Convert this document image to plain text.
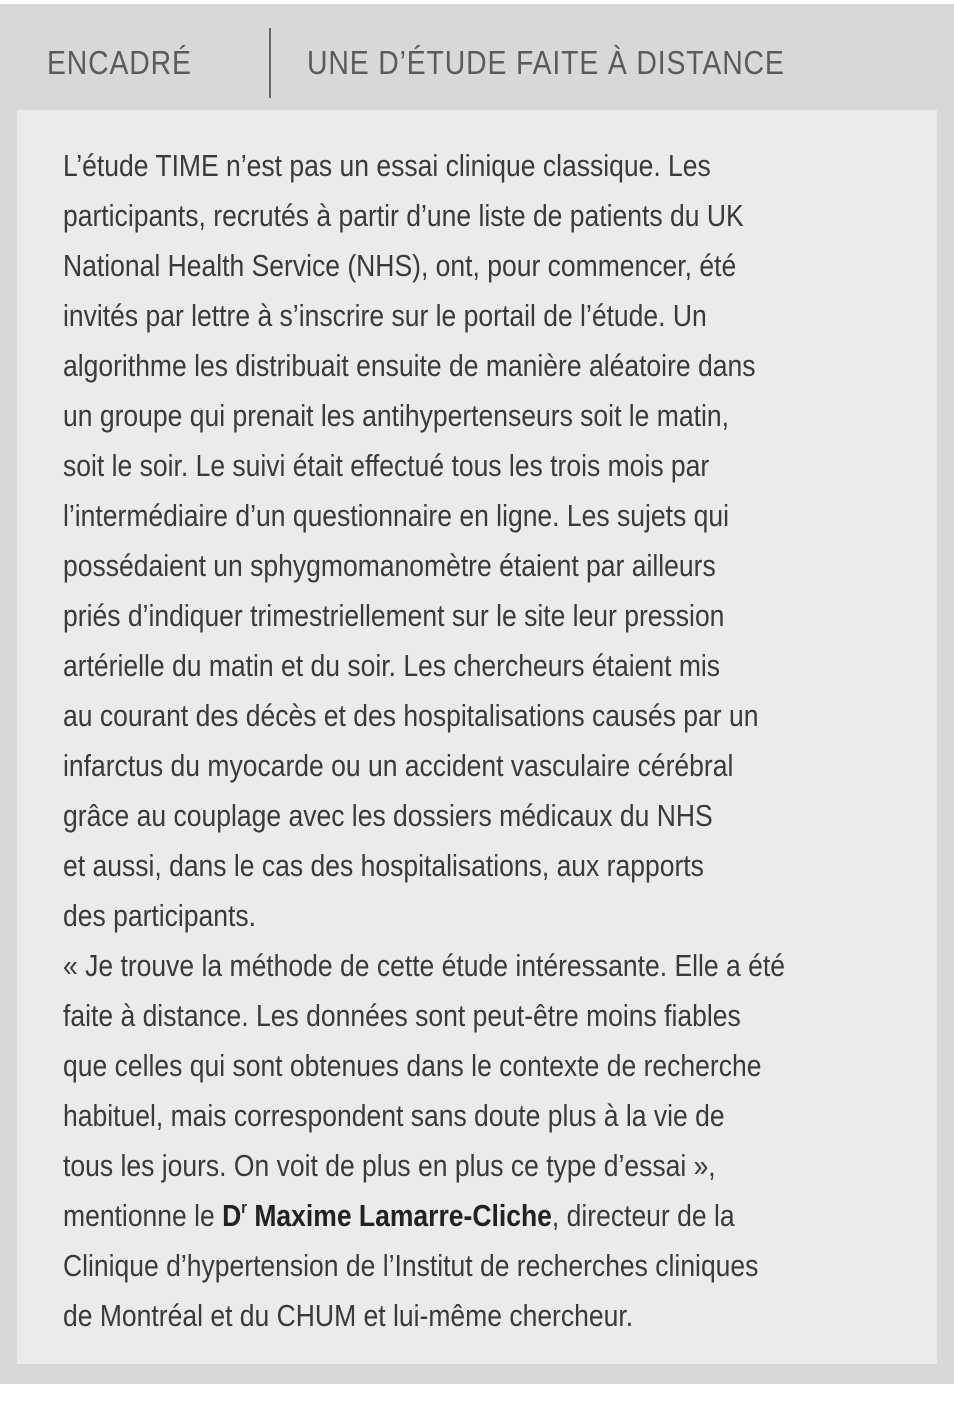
ENCADRÉ	UNE D’ÉTUDE FAITE À DISTANCE
L’étude TIME n’est pas un essai clinique classique. Les
participants, recrutés à partir d’une liste de patients du UK
National Health Service (NHS), ont, pour commencer, été
invités par lettre à s’inscrire sur le portail de l’étude. Un
algorithme les distribuait ensuite de manière aléatoire dans
un groupe qui prenait les antihypertenseurs soit le matin,
soit le soir. Le suivi était effectué tous les trois mois par
l’intermédiaire d’un questionnaire en ligne. Les sujets qui
possédaient un sphygmomanomètre étaient par ailleurs
priés d’indiquer trimestriellement sur le site leur pression
artérielle du matin et du soir. Les chercheurs étaient mis
au courant des décès et des hospitalisations causés par un
infarctus du myocarde ou un accident vasculaire cérébral
grâce au couplage avec les dossiers médicaux du NHS
et aussi, dans le cas des hospitalisations, aux rapports
des participants.
« Je trouve la méthode de cette étude intéressante. Elle a été
faite à distance. Les données sont peut-être moins fiables
que celles qui sont obtenues dans le contexte de recherche
habituel, mais correspondent sans doute plus à la vie de
tous les jours. On voit de plus en plus ce type d’essai »,
mentionne le $D^r$ Maxime Lamarre-Cliche, directeur de la
Clinique d’hypertension de l’Institut de recherches cliniques
de Montréal et du CHUM et lui-même chercheur.
